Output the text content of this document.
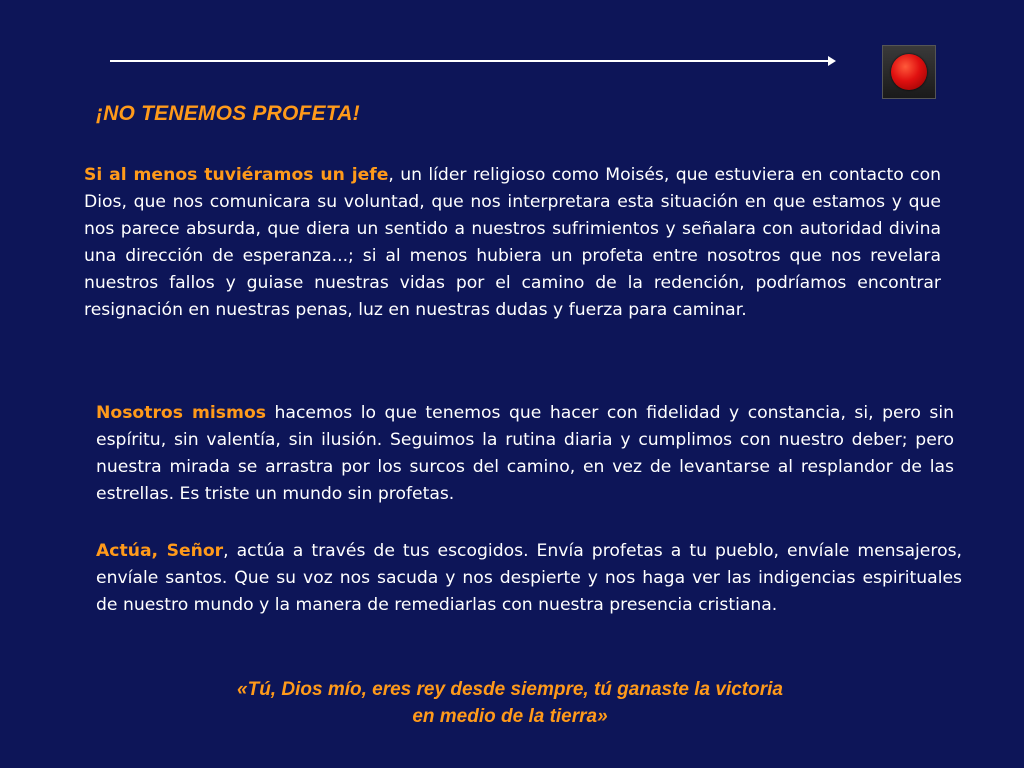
¡NO TENEMOS PROFETA!

Si al menos tuviéramos un jefe, un líder religioso como Moisés, que estuviera en contacto con Dios, que nos comunicara su voluntad, que nos interpretara esta situación en que estamos y que nos parece absurda, que diera un sentido a nuestros sufrimientos y señalara con autoridad divina una dirección de esperanza...; si al menos hubiera un profeta entre nosotros que nos revelara nuestros fallos y guiase nuestras vidas por el camino de la redención, podríamos encontrar resignación en nuestras penas, luz en nuestras dudas y fuerza para caminar.

Nosotros mismos hacemos lo que tenemos que hacer con fidelidad y constancia, si, pero sin espíritu, sin valentía, sin ilusión. Seguimos la rutina diaria y cumplimos con nuestro deber; pero nuestra mirada se arrastra por los surcos del camino, en vez de levantarse al resplandor de las estrellas. Es triste un mundo sin profetas.

Actúa, Señor, actúa a través de tus escogidos. Envía profetas a tu pueblo, envíale mensajeros, envíale santos. Que su voz nos sacuda y nos despierte y nos haga ver las indigencias espirituales de nuestro mundo y la manera de remediarlas con nuestra presencia cristiana.

«Tú, Dios mío, eres rey desde siempre, tú ganaste la victoria
en medio de la tierra»
